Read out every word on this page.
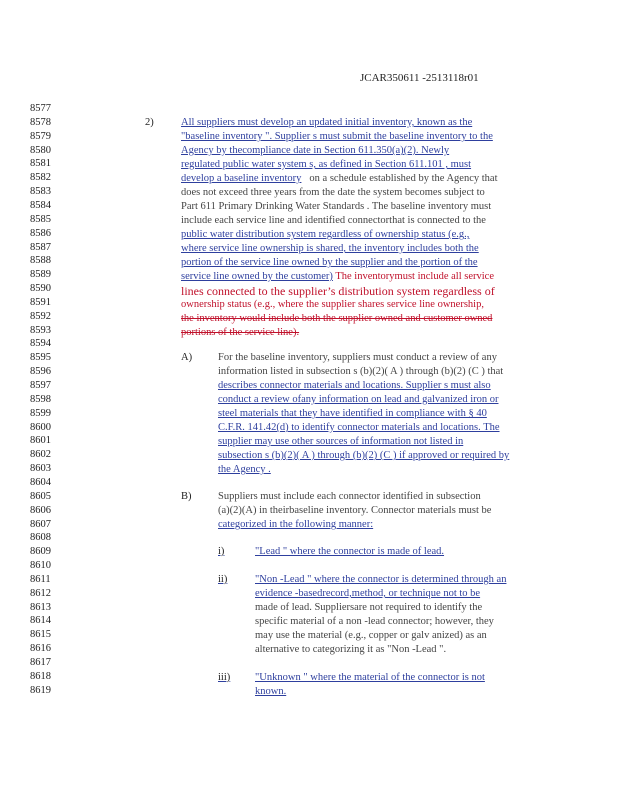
JCAR350611 -2513118r01
8577
8578
8579
8580
8581
8582
8583
8584
8585
8586
8587
8588
8589
8590
8591
8592
8593
8594
8595
8596
8597
8598
8599
8600
8601
8602
8603
8604
8605
8606
8607
8608
8609
8610
8611
8612
8613
8614
8615
8616
8617
8618
8619
2)
A)
B)
i)
ii)
iii)
All suppliers must develop an updated initial inventory, known as the
"baseline inventory ". Supplier s must submit the baseline inventory to the
Agency by thecompliance date in Section 611.350(a)(2). Newly
regulated public water system s, as defined in Section 611.101 , must
develop a baseline inventory on a schedule established by the Agency that
does not exceed three years from the date the system becomes subject to
Part 611 Primary Drinking Water Standards . The baseline inventory must
include each service line and identified connectorthat is connected to the
public water distribution system regardless of ownership status (e.g.,
where service line ownership is shared, the inventory includes both the
portion of the service line owned by the supplier and the portion of the
service line owned by the customer) The inventorymust include all service
lines connected to the supplier’s distribution system regardless of
ownership status (e.g., where the supplier shares service line ownership,
the inventory would include both the supplier owned and customer owned
portions of the service line).
For the baseline inventory, suppliers must conduct a review of any
information listed in subsection s (b)(2)( A ) through (b)(2) (C ) that
describes connector materials and locations. Supplier s must also
conduct a review ofany information on lead and galvanized iron or
steel materials that they have identified in compliance with § 40
C.F.R. 141.42(d) to identify connector materials and locations. The
supplier may use other sources of information not listed in
subsection s (b)(2)( A ) through (b)(2) (C ) if approved or required by
the Agency .
Suppliers must include each connector identified in subsection
(a)(2)(A) in theirbaseline inventory. Connector materials must be
categorized in the following manner:
"Lead " where the connector is made of lead.
"Non -Lead " where the connector is determined through an
evidence -basedrecord,method, or technique not to be
made of lead. Suppliersare not required to identify the
specific material of a non -lead connector; however, they
may use the material (e.g., copper or galv anized) as an
alternative to categorizing it as "Non -Lead ".
"Unknown " where the material of the connector is not
known.
